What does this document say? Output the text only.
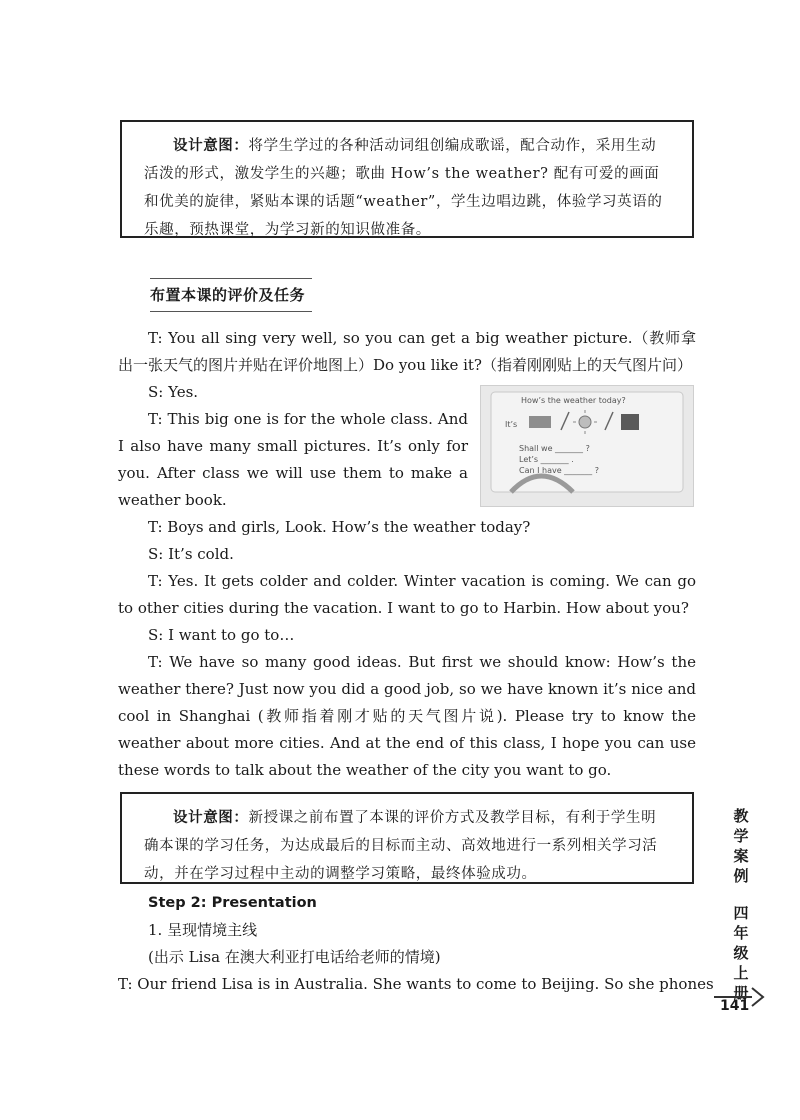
设计意图：将学生学过的各种活动词组创编成歌谣，配合动作，采用生动活泼的形式，激发学生的兴趣；歌曲 How’s the weather? 配有可爱的画面和优美的旋律，紧贴本课的话题“weather”，学生边唱边跳，体验学习英语的乐趣，预热课堂，为学习新的知识做准备。

布置本课的评价及任务

T: You all sing very well, so you can get a big weather picture.（教师拿出一张天气的图片并贴在评价地图上）Do you like it?（指着刚刚贴上的天气图片问）

S: Yes.

T: This big one is for the whole class. And I also have many small pictures. It’s only for you. After class we will use them to make a weather book.

How’s the weather today?
It’s
Shall we _______ ?
Let’s _______ .
Can I have _______ ?

T: Boys and girls, Look. How’s the weather today?

S: It’s cold.

T: Yes. It gets colder and colder. Winter vacation is coming. We can go to other cities during the vacation. I want to go to Harbin. How about you?

S: I want to go to…

T: We have so many good ideas. But first we should know: How’s the weather there? Just now you did a good job, so we have known it’s nice and cool in Shanghai (教师指着刚才贴的天气图片说). Please try to know the weather about more cities. And at the end of this class, I hope you can use these words to talk about the weather of the city you want to go.

设计意图：新授课之前布置了本课的评价方式及教学目标，有利于学生明确本课的学习任务，为达成最后的目标而主动、高效地进行一系列相关学习活动，并在学习过程中主动的调整学习策略，最终体验成功。

Step 2: Presentation

1. 呈现情境主线

(出示 Lisa 在澳大利亚打电话给老师的情境)

T: Our friend Lisa is in Australia. She wants to come to Beijing. So she phones

教
学
案
例
四
年
级
上
册
141
